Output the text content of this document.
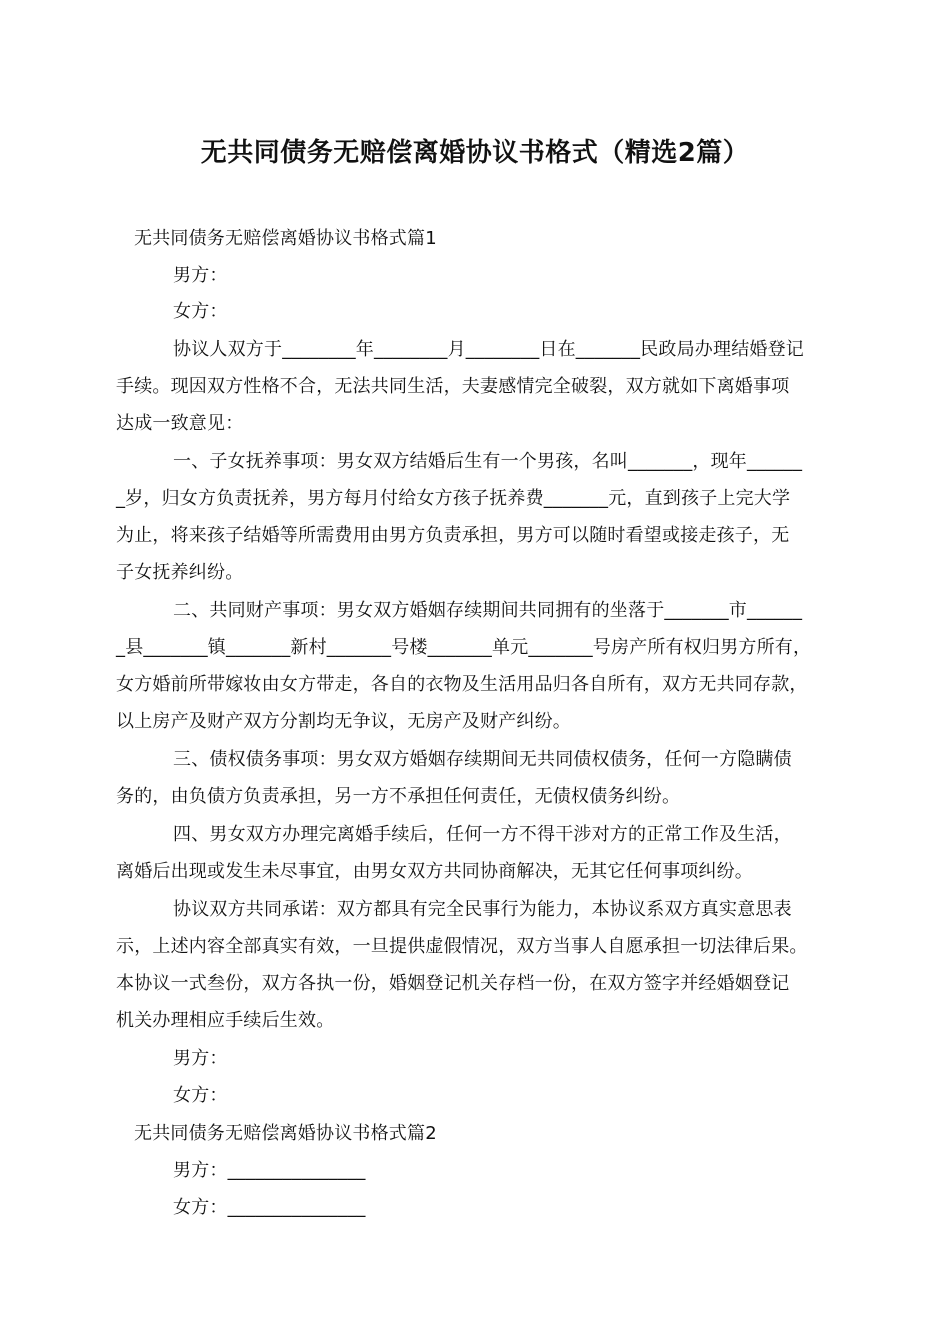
无共同债务无赔偿离婚协议书格式（精选2篇）
无共同债务无赔偿离婚协议书格式篇1
男方：
女方：
协议人双方于________年________月________日在_______民政局办理结婚登记
手续。现因双方性格不合，无法共同生活，夫妻感情完全破裂，双方就如下离婚事项
达成一致意见：
一、子女抚养事项：男女双方结婚后生有一个男孩，名叫_______，现年______
_岁，归女方负责抚养，男方每月付给女方孩子抚养费_______元，直到孩子上完大学
为止，将来孩子结婚等所需费用由男方负责承担，男方可以随时看望或接走孩子，无
子女抚养纠纷。
二、共同财产事项：男女双方婚姻存续期间共同拥有的坐落于_______市______
_县_______镇_______新村_______号楼_______单元_______号房产所有权归男方所有，
女方婚前所带嫁妆由女方带走，各自的衣物及生活用品归各自所有，双方无共同存款，
以上房产及财产双方分割均无争议，无房产及财产纠纷。
三、债权债务事项：男女双方婚姻存续期间无共同债权债务，任何一方隐瞒债
务的，由负债方负责承担，另一方不承担任何责任，无债权债务纠纷。
四、男女双方办理完离婚手续后，任何一方不得干涉对方的正常工作及生活，
离婚后出现或发生未尽事宜，由男女双方共同协商解决，无其它任何事项纠纷。
协议双方共同承诺：双方都具有完全民事行为能力，本协议系双方真实意思表
示，上述内容全部真实有效，一旦提供虚假情况，双方当事人自愿承担一切法律后果。
本协议一式叁份，双方各执一份，婚姻登记机关存档一份，在双方签字并经婚姻登记
机关办理相应手续后生效。
男方：
女方：
无共同债务无赔偿离婚协议书格式篇2
男方：_______________
女方：_______________
